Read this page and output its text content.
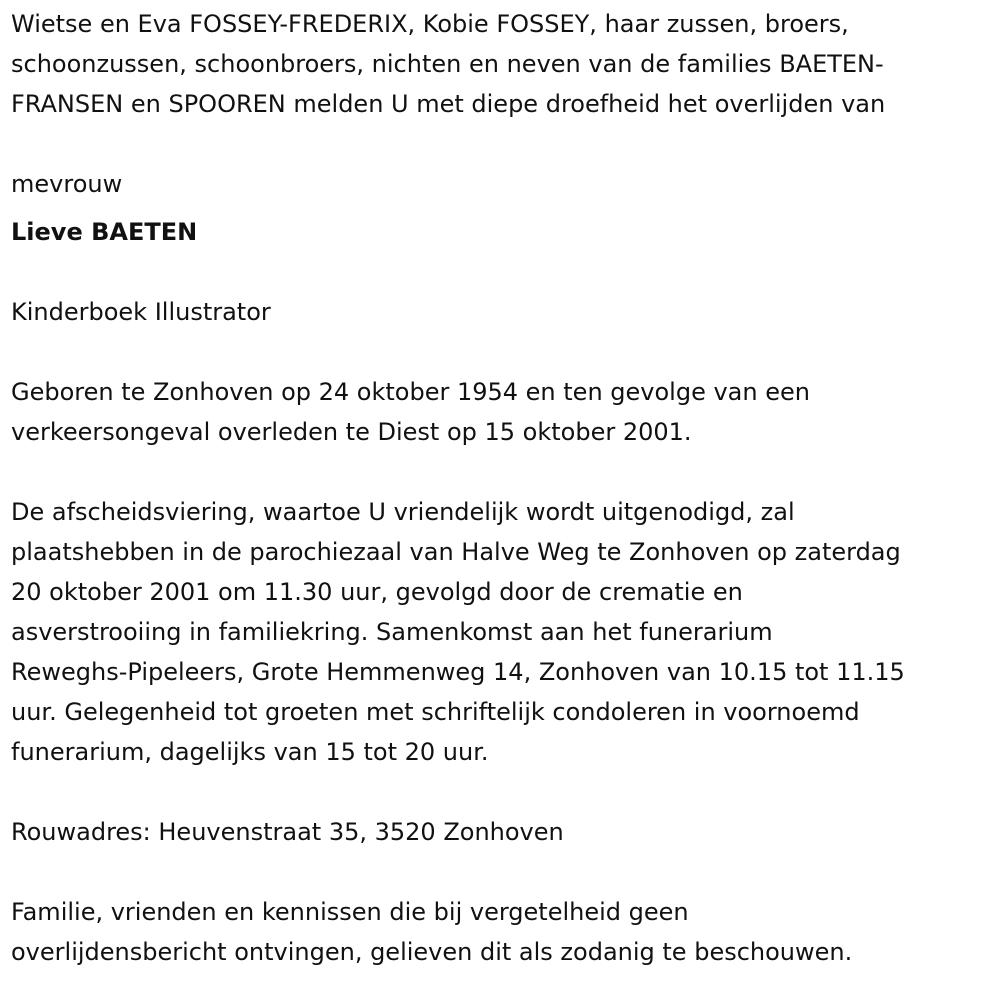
Wietse en Eva FOSSEY-FREDERIX, Kobie FOSSEY, haar zussen, broers,
schoonzussen, schoonbroers, nichten en neven van de families BAETEN-
FRANSEN en SPOOREN melden U met diepe droefheid het overlijden van

mevrouw

Lieve BAETEN

Kinderboek Illustrator

Geboren te Zonhoven op 24 oktober 1954 en ten gevolge van een
verkeersongeval overleden te Diest op 15 oktober 2001.

De afscheidsviering, waartoe U vriendelijk wordt uitgenodigd, zal
plaatshebben in de parochiezaal van Halve Weg te Zonhoven op zaterdag
20 oktober 2001 om 11.30 uur, gevolgd door de crematie en
asverstrooiing in familiekring. Samenkomst aan het funerarium
Reweghs-Pipeleers, Grote Hemmenweg 14, Zonhoven van 10.15 tot 11.15
uur. Gelegenheid tot groeten met schriftelijk condoleren in voornoemd
funerarium, dagelijks van 15 tot 20 uur.

Rouwadres: Heuvenstraat 35, 3520 Zonhoven

Familie, vrienden en kennissen die bij vergetelheid geen
overlijdensbericht ontvingen, gelieven dit als zodanig te beschouwen.
